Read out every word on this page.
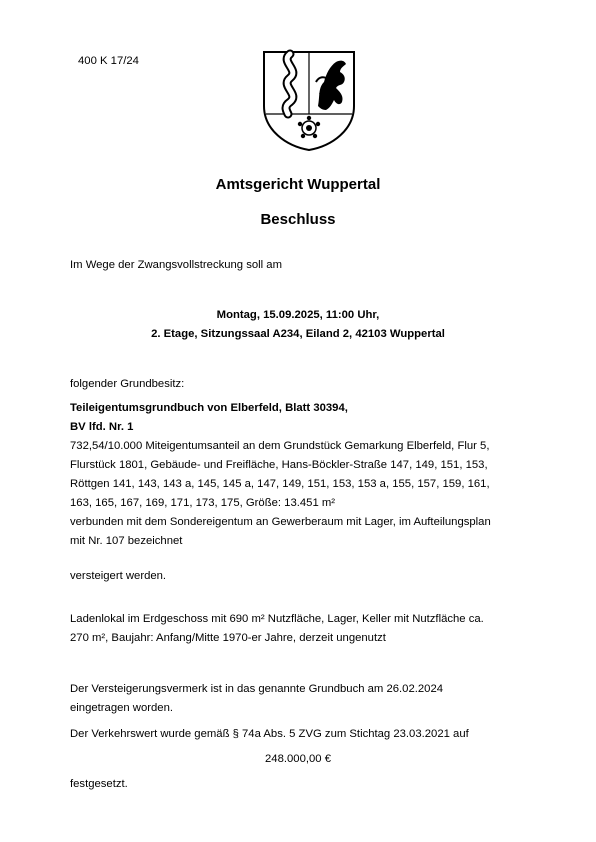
400 K 17/24
Amtsgericht Wuppertal
Beschluss
Im Wege der Zwangsvollstreckung soll am
Montag, 15.09.2025, 11:00 Uhr,
2. Etage, Sitzungssaal A234, Eiland 2, 42103 Wuppertal
folgender Grundbesitz:
Teileigentumsgrundbuch von Elberfeld, Blatt 30394,
BV lfd. Nr. 1
732,54/10.000 Miteigentumsanteil an dem Grundstück Gemarkung Elberfeld, Flur 5,
Flurstück 1801, Gebäude- und Freifläche, Hans-Böckler-Straße 147, 149, 151, 153,
Röttgen 141, 143, 143 a, 145, 145 a, 147, 149, 151, 153, 153 a, 155, 157, 159, 161,
163, 165, 167, 169, 171, 173, 175, Größe: 13.451 m²
verbunden mit dem Sondereigentum an Gewerberaum mit Lager, im Aufteilungsplan
mit Nr. 107 bezeichnet
versteigert werden.
Ladenlokal im Erdgeschoss mit 690 m² Nutzfläche, Lager, Keller mit Nutzfläche ca.
270 m², Baujahr: Anfang/Mitte 1970-er Jahre, derzeit ungenutzt
Der Versteigerungsvermerk ist in das genannte Grundbuch am 26.02.2024
eingetragen worden.
Der Verkehrswert wurde gemäß § 74a Abs. 5 ZVG zum Stichtag 23.03.2021 auf
248.000,00 €
festgesetzt.
